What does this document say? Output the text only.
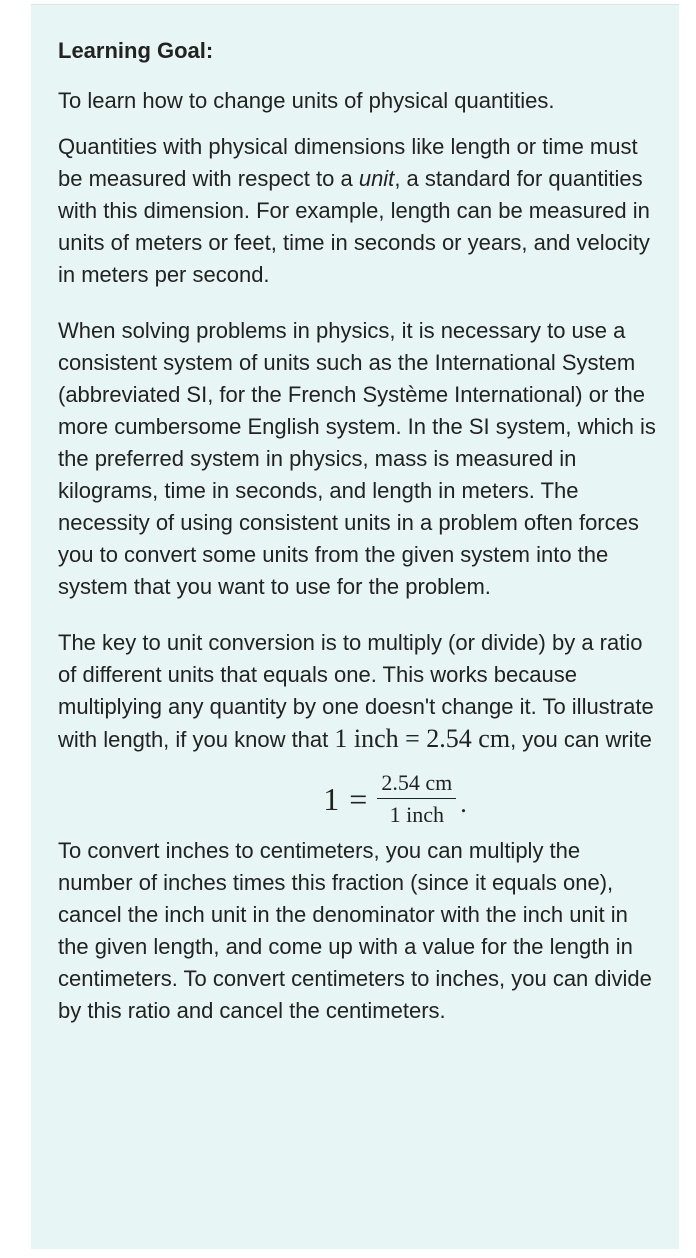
Learning Goal:
To learn how to change units of physical quantities.
Quantities with physical dimensions like length or time must be measured with respect to a unit, a standard for quantities with this dimension. For example, length can be measured in units of meters or feet, time in seconds or years, and velocity in meters per second.
When solving problems in physics, it is necessary to use a consistent system of units such as the International System (abbreviated SI, for the French Système International) or the more cumbersome English system. In the SI system, which is the preferred system in physics, mass is measured in kilograms, time in seconds, and length in meters. The necessity of using consistent units in a problem often forces you to convert some units from the given system into the system that you want to use for the problem.
The key to unit conversion is to multiply (or divide) by a ratio of different units that equals one. This works because multiplying any quantity by one doesn't change it. To illustrate with length, if you know that 1 inch = 2.54 cm, you can write
$1 = \frac{2.54 cm}{\text{1 inch}}$ .
To convert inches to centimeters, you can multiply the number of inches times this fraction (since it equals one), cancel the inch unit in the denominator with the inch unit in the given length, and come up with a value for the length in centimeters. To convert centimeters to inches, you can divide by this ratio and cancel the centimeters.
